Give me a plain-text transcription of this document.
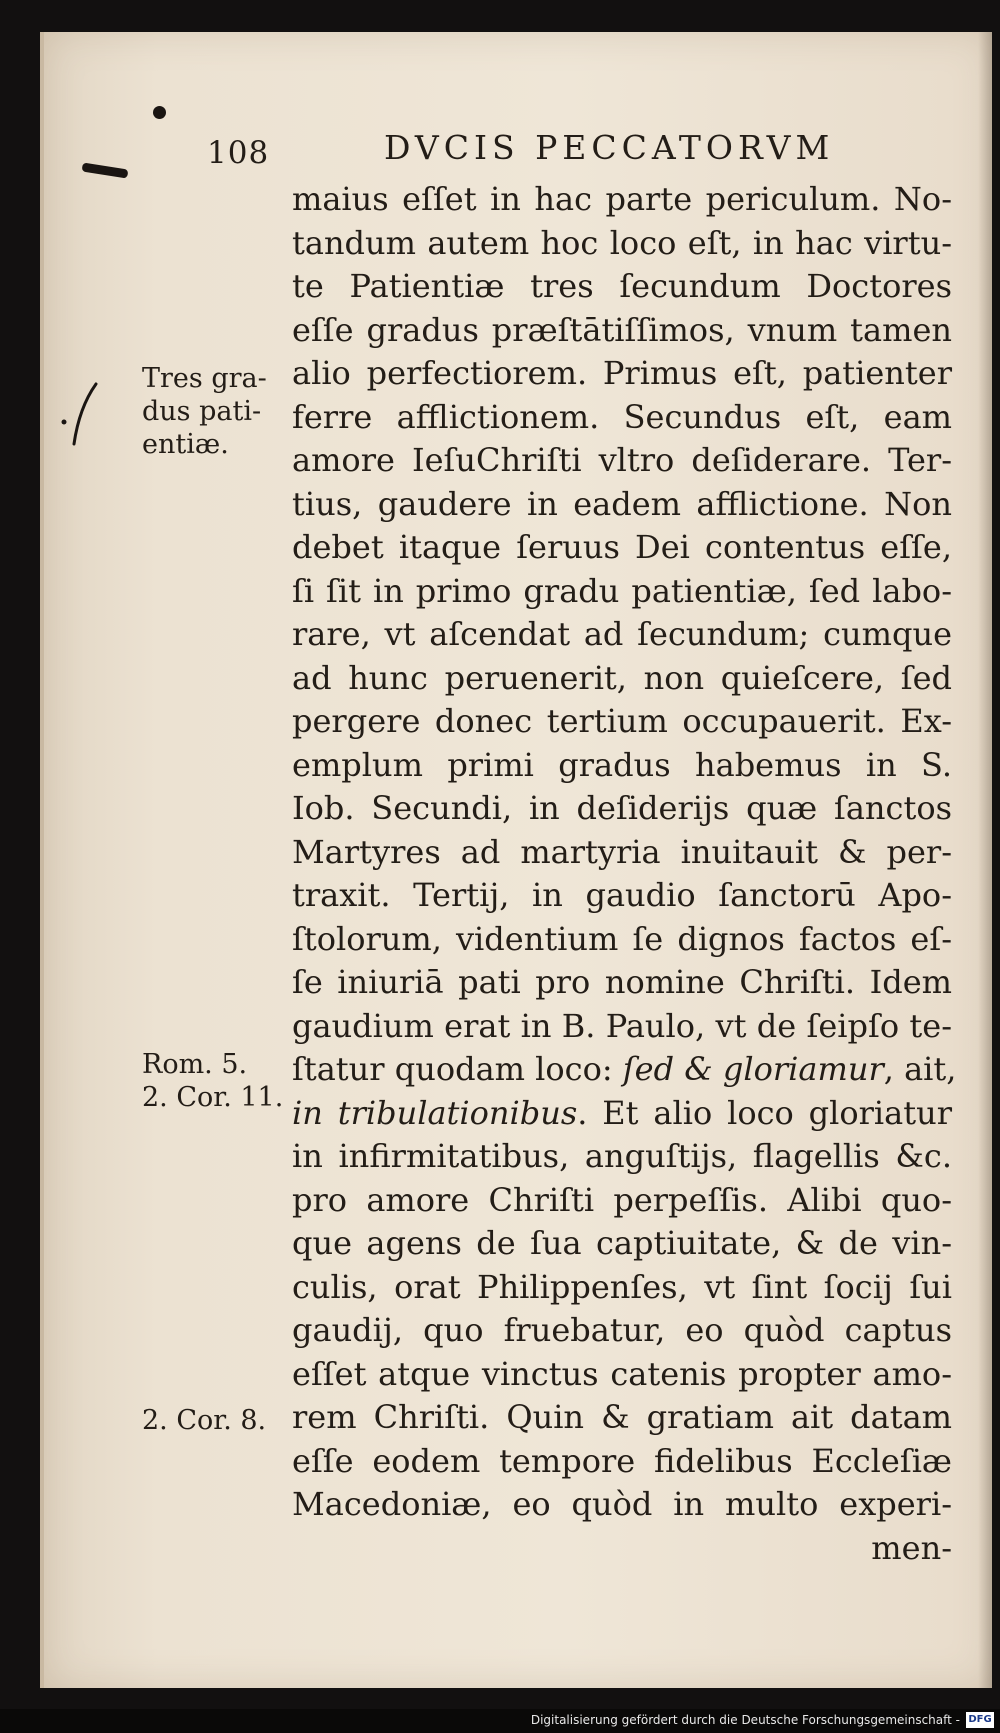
108	DVCIS PECCATORVM
maius eſſet in hac parte periculum. No-
tandum autem hoc loco eſt, in hac virtu-
te Patientiæ tres ſecundum Doctores
eſſe gradus præſtātiſſimos, vnum tamen
alio perfectiorem. Primus eſt, patienter
ferre afflictionem. Secundus eſt, eam
amore IeſuChriſti vltro deſiderare. Ter-
tius, gaudere in eadem afflictione. Non
debet itaque ſeruus Dei contentus eſſe,
ſi ſit in primo gradu patientiæ, ſed labo-
rare, vt aſcendat ad ſecundum; cumque
ad hunc peruenerit, non quieſcere, ſed
pergere donec tertium occupauerit. Ex-
emplum primi gradus habemus in S.
Iob. Secundi, in deſiderijs quæ ſanctos
Martyres ad martyria inuitauit & per-
traxit. Tertij, in gaudio ſanctorū Apo-
ſtolorum, videntium ſe dignos factos eſ-
ſe iniuriā pati pro nomine Chriſti. Idem
gaudium erat in B. Paulo, vt de ſeipſo te-
ſtatur quodam loco: ſed & gloriamur, ait,
in tribulationibus. Et alio loco gloriatur
in infirmitatibus, anguſtijs, flagellis &c.
pro amore Chriſti perpeſſis. Alibi quo-
que agens de ſua captiuitate, & de vin-
culis, orat Philippenſes, vt ſint ſocij ſui
gaudij, quo fruebatur, eo quòd captus
eſſet atque vinctus catenis propter amo-
rem Chriſti. Quin & gratiam ait datam
eſſe eodem tempore fidelibus Eccleſiæ
Macedoniæ, eo quòd in multo experi-
men-
Tres gra-
dus pati-
entiæ.
Rom. 5.
2. Cor. 11.
2. Cor. 8.
Digitalisierung gefördert durch die Deutsche Forschungsgemeinschaft - DFG
